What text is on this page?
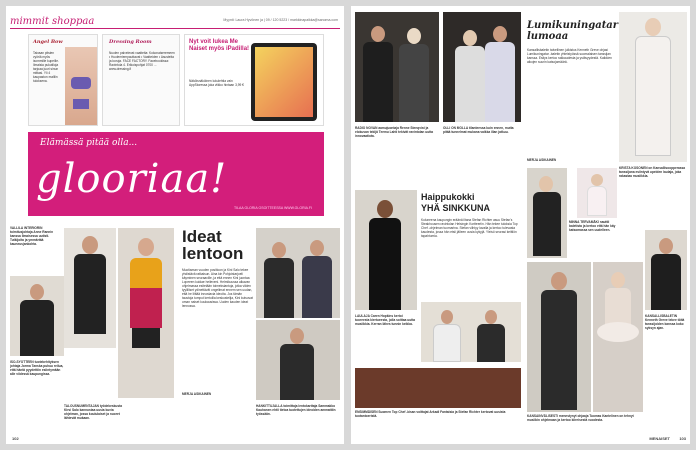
mimmit shoppaa	Myynti: Laura Hyvönen ja | 09 / 120 5223 / markkinapaikka@sanoma.com
Angel Bow
Taivaan pitsien vyöriä myös isommille kupeille. Ilmaisia pukutiloja tarjoaa juuri sinun mittasi. Yli 4 kaupaston malliin tuloksena.
Dressing Room
Nuolen palvelevat vaatteita: Kokonaiseremeen • Huolemiempauttavat • Vaatteiden • Asusteita ja koruja. FACE FACTORY. Facebookissa: Ravintola 4. Erikoispohjat 0700 ... www.dressing.fi
Nyt voit lukea Me Naiset myös iPadilla!
Näköisnäköinen lukulehtia vain AppStoressa joka viikko hintaan 3,99 €
Elämässä pitää olla...
glooriaa!
TILAA GLORIA OSOITTEESSA WWW.GLORIA.FI
VALLILA INTERIORIN toimitusjohtaja Anne Rannin kanssa Ilmaisessa uutisti. Tutkijoita ja ymmärtää kauneusjankohta.	Ideat lentoon
Muotiaman vuoden positioon ja Kini Salo tekee yhdistävä ratkaisun. Aina kin Pohjoistarjoeli käyminen seuraaville, ja että ennen Kini juontaa Lopeeen kuidae heileveni. Helmikuussa alkavan ohjelmassa esitetään toimeksiantoja, jotka vilden tyylilliset ydinettävät ongellmat ennem sen uudan, että he liittää innostavia ideoita. Jos tämän taustoja tumput kertoilla keskustelija, Kini kutsuvat oman naiset kuukausissa. Uuden kauden ideat lennossa.
ISO-SYÖTTEEN tuotekehityksen johtaja Jorma Tanska puhuu reilua, että häntä pyydettiin esiintymään alle viidessä kaupungissa.
TALOUSNUMENTAJAN työdekeskusta Kirsi Salo kannustaa uusia kuvia ohjelman, jossa koululaiset ja nuoret lähtevät mukaan.
HANKITTUJALLA toimittaja lentokarttaja Sammakko Kauhanen ehtii tietoa tuotettujen ideoiden ammattiin työssään.
MERJA ASIKAINEN
102
RADIO NOVAN aamujuontaja Renne Stenqvist ja elokuvan tekijä Teemu Lahti tekivät ravintolan uutta innovaatiota.
OLLI ON MOLLA tilanteessa kuin ennen, mutta pitää tunnelmat mukana vaikka illan jatkuu.
LAULAJA Caren Hopkins kertoi tuoreesta kiertueesta, jolla soittaa uutta musiikkia. Kerran lähes tunnin keikka.
Haippukokki
YHÄ SINKKUNA
Kuluneena kaupungin eräänä iltana Stefan Richter asuu Stefan's Steakhousen ravintolan Helsingin Kortteeriin. Hän tekee tuloksia Top Chef -ohjelman tuomarina. Stefan viihtyy lavalla ja kertoo tulevasta kaudesta, jossa hän etsii jälleen uusia kykyjä. Yleisö seurasi keittiön tapahtumia.
ENSIMMÄISEN Suomen Top Chef -kisan voittajat Arkadi Fantaisia ja Stefan Richter kertovat uusista tuotantoeristä.
Lumikuningatar lumoaa
Kansallisbaletin talvellinen julkistus Kenneth Greve ohjasi Lumikuningatar -baletin yhteistyössä suomalaisen tanssijan kanssa. Esitys kertoo rakkaudesta ja ystävyydestä. Kaikkien aikojen suurin katsojamäärä.
MERJA ASIKAINEN
KRISTA KOSONEN on Kansallisoopperassa tanssijana esiintyvä upeiden laulaja, joka rakastaa musiikkia.
MINNA TERVAMÄKI nauttii baletista ja kertoo että hän käy katsomassa sen uudelleen.
KANSAINVÄLISESTI menestynyt ohjaaja Tuomas Kantelinen on tehnyt musiikin ohjelmaan ja kertoo kiireisestä vuodesta.
KANSALLISBALETIN Kenneth Greve tekee töitä tanssijoiden kanssa koko syksyn ajan.
MENAISET 103
